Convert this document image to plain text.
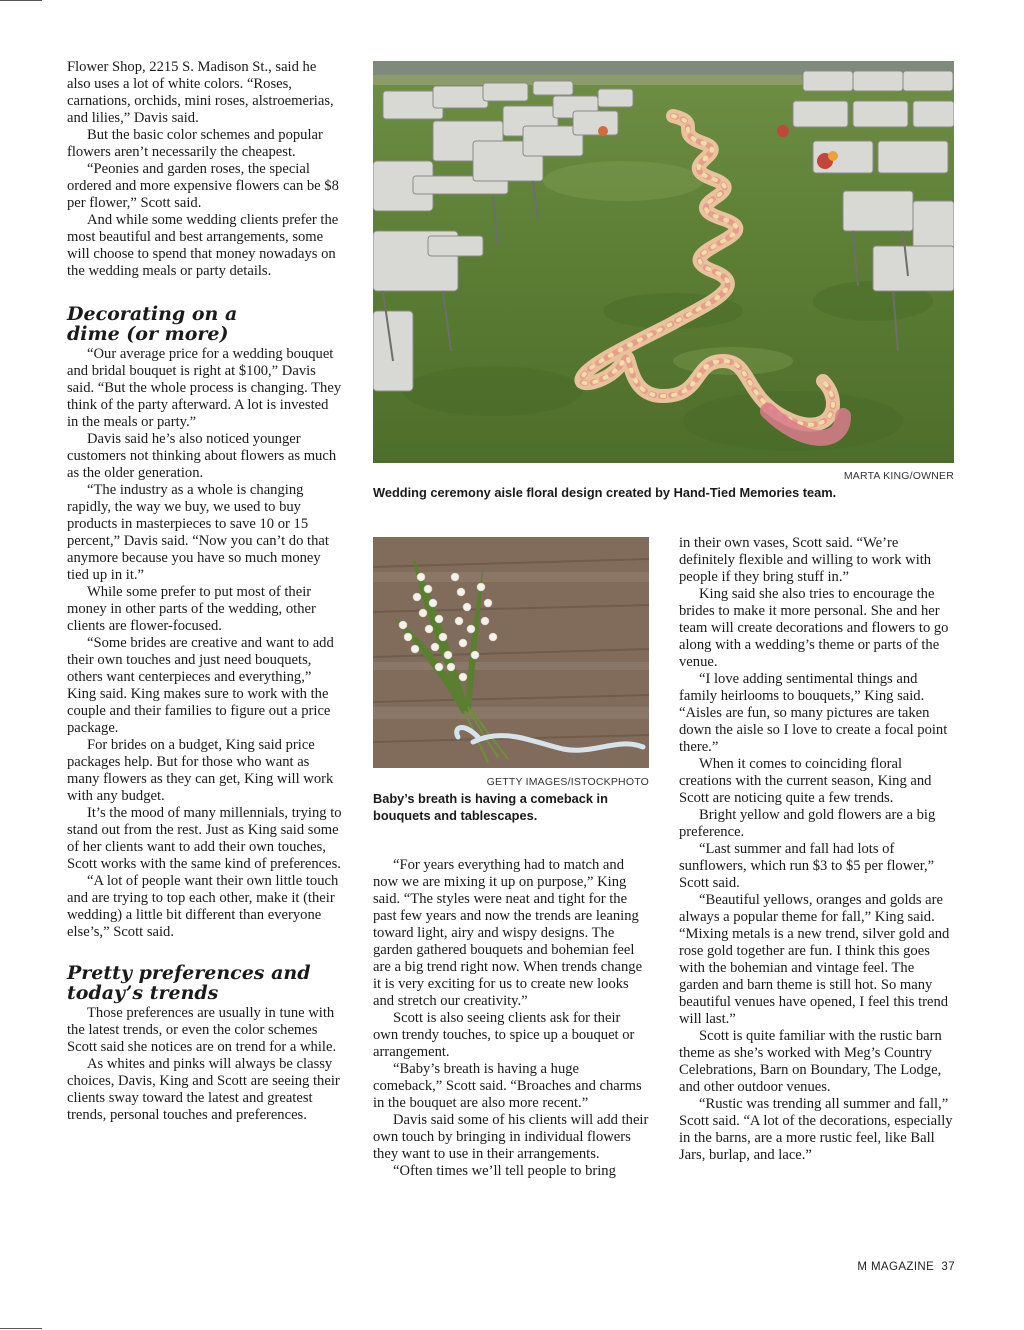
Flower Shop, 2215 S. Madison St., said he also uses a lot of white colors. “Roses, carnations, orchids, mini roses, alstroemerias, and lilies,” Davis said.

But the basic color schemes and popular flowers aren’t necessarily the cheapest.

“Peonies and garden roses, the special ordered and more expensive flowers can be $8 per flower,” Scott said.

And while some wedding clients prefer the most beautiful and best arrangements, some will choose to spend that money nowadays on the wedding meals or party details.

Decorating on a dime (or more)

“Our average price for a wedding bouquet and bridal bouquet is right at $100,” Davis said. “But the whole process is changing. They think of the party afterward. A lot is invested in the meals or party.”

Davis said he’s also noticed younger customers not thinking about flowers as much as the older generation.

“The industry as a whole is changing rapidly, the way we buy, we used to buy products in masterpieces to save 10 or 15 percent,” Davis said. “Now you can’t do that anymore because you have so much money tied up in it.”

While some prefer to put most of their money in other parts of the wedding, other clients are flower-focused.

“Some brides are creative and want to add their own touches and just need bouquets, others want centerpieces and everything,” King said. King makes sure to work with the couple and their families to figure out a price package.

For brides on a budget, King said price packages help. But for those who want as many flowers as they can get, King will work with any budget.

It’s the mood of many millennials, trying to stand out from the rest. Just as King said some of her clients want to add their own touches, Scott works with the same kind of preferences.

“A lot of people want their own little touch and are trying to top each other, make it (their wedding) a little bit different than everyone else’s,” Scott said.

Pretty preferences and today’s trends

Those preferences are usually in tune with the latest trends, or even the color schemes Scott said she notices are on trend for a while.

As whites and pinks will always be classy choices, Davis, King and Scott are seeing their clients sway toward the latest and greatest trends, personal touches and preferences.

MARTA KING/OWNER
Wedding ceremony aisle floral design created by Hand-Tied Memories team.
GETTY IMAGES/ISTOCKPHOTO
Baby’s breath is having a comeback in bouquets and tablescapes.

“For years everything had to match and now we are mixing it up on purpose,” King said. “The styles were neat and tight for the past few years and now the trends are leaning toward light, airy and wispy designs. The garden gathered bouquets and bohemian feel are a big trend right now. When trends change it is very exciting for us to create new looks and stretch our creativity.”

Scott is also seeing clients ask for their own trendy touches, to spice up a bouquet or arrangement.

“Baby’s breath is having a huge comeback,” Scott said. “Broaches and charms in the bouquet are also more recent.”

Davis said some of his clients will add their own touch by bringing in individual flowers they want to use in their arrangements.

“Often times we’ll tell people to bring

in their own vases, Scott said. “We’re definitely flexible and willing to work with people if they bring stuff in.”

King said she also tries to encourage the brides to make it more personal. She and her team will create decorations and flowers to go along with a wedding’s theme or parts of the venue.

“I love adding sentimental things and family heirlooms to bouquets,” King said. “Aisles are fun, so many pictures are taken down the aisle so I love to create a focal point there.”

When it comes to coinciding floral creations with the current season, King and Scott are noticing quite a few trends.

Bright yellow and gold flowers are a big preference.

“Last summer and fall had lots of sunflowers, which run $3 to $5 per flower,” Scott said.

“Beautiful yellows, oranges and golds are always a popular theme for fall,” King said. “Mixing metals is a new trend, silver gold and rose gold together are fun. I think this goes with the bohemian and vintage feel. The garden and barn theme is still hot. So many beautiful venues have opened, I feel this trend will last.”

Scott is quite familiar with the rustic barn theme as she’s worked with Meg’s Country Celebrations, Barn on Boundary, The Lodge, and other outdoor venues.

“Rustic was trending all summer and fall,” Scott said. “A lot of the decorations, especially in the barns, are a more rustic feel, like Ball Jars, burlap, and lace.”

M MAGAZINE  37
